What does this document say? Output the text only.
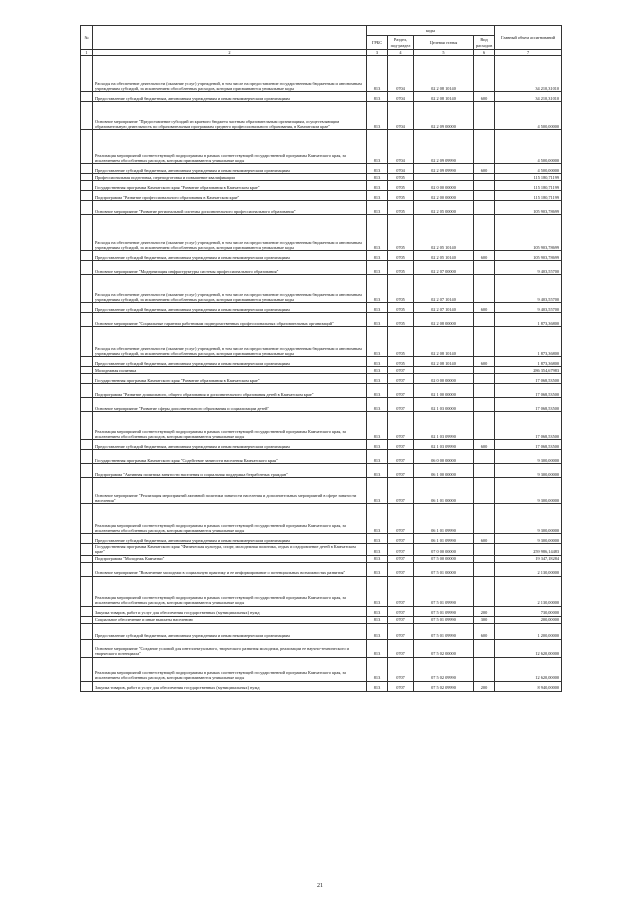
№		коды				Главный объем ассигнований
		ГРБС	Раздел, под-раздел	Целевая статья	Вид расходов	
1	2	3	4	5	6	7
	Расходы на обеспечение деятельности (оказание услуг) учреждений, в том числе на предоставление государственным бюджетным и автономным учреждениям субсидий, за исключением обособленных расходов, которым присваиваются уникальные коды	813	0704	02 2 08 10140		34 210,31010
	Предоставление субсидий бюджетным, автономным учреждениям и иным некоммерческим организациям	813	0704	02 2 08 10140	600	34 210,31010
	Основное мероприятие "Предоставление субсидий из краевого бюджета частным образовательным организациям, осуществляющим образовательную деятельность по образовательным программам среднего профессионального образования, в Камчатском крае"	813	0704	02 2 09 00000		4 500,00000
	Реализация мероприятий соответствующей подпрограммы в рамках соответствующей государственной программы Камчатского края, за исключением обособленных расходов, которым присваиваются уникальные коды	813	0704	02 2 09 09990		4 500,00000
	Предоставление субсидий бюджетным, автономным учреждениям и иным некоммерческим организациям	813	0704	02 2 09 09990	600	4 500,00000
	Профессиональная подготовка, переподготовка и повышение квалификации	813	0705			115 180,71199
	Государственная программа Камчатского края "Развитие образования в Камчатском крае"	813	0705	02 0 00 00000		115 180,71199
	Подпрограмма "Развитие профессионального образования в Камчатском крае"	813	0705	02 2 00 00000		115 180,71199
	Основное мероприятие "Развитие региональной системы дополнительного профессионального образования"	813	0705	02 2 05 00000		105 903,78699
	Расходы на обеспечение деятельности (оказание услуг) учреждений, в том числе на предоставление государственным бюджетным и автономным учреждениям субсидий, за исключением обособленных расходов, которым присваиваются уникальные коды	813	0705	02 2 05 10140		105 903,78699
	Предоставление субсидий бюджетным, автономным учреждениям и иным некоммерческим организациям	813	0705	02 2 05 10140	600	105 903,78699
	Основное мероприятие "Модернизация инфраструктуры системы профессионального образования"	813	0705	02 2 07 00000		9 403,55700
	Расходы на обеспечение деятельности (оказание услуг) учреждений, в том числе на предоставление государственным бюджетным и автономным учреждениям субсидий, за исключением обособленных расходов, которым присваиваются уникальные коды	813	0705	02 2 07 10140		9 403,55700
	Предоставление субсидий бюджетным, автономным учреждениям и иным некоммерческим организациям	813	0705	02 2 07 10140	600	9 403,55700
	Основное мероприятие "Социальные гарантии работникам подведомственных профессиональных образовательных организаций"	813	0705	02 2 08 00000		1 873,36800
	Расходы на обеспечение деятельности (оказание услуг) учреждений, в том числе на предоставление государственным бюджетным и автономным учреждениям субсидий, за исключением обособленных расходов, которым присваиваются уникальные коды	813	0705	02 2 08 10140		1 873,36800
	Предоставление субсидий бюджетным, автономным учреждениям и иным некоммерческим организациям	813	0705	02 2 08 10140	600	1 873,36800
	Молодежная политика	813	0707			286 354,67983
	Государственная программа Камчатского края "Развитие образования в Камчатском крае"	813	0707	02 0 00 00000		17 068,53500
	Подпрограмма "Развитие дошкольного, общего образования и дополнительного образования детей в Камчатском крае"	813	0707	02 1 00 00000		17 068,53500
	Основное мероприятие "Развитие сферы дополнительного образования и социализации детей"	813	0707	02 1 03 00000		17 068,53500
	Реализация мероприятий соответствующей подпрограммы в рамках соответствующей государственной программы Камчатского края, за исключением обособленных расходов, которым присваиваются уникальные коды	813	0707	02 1 03 09990		17 068,53500
	Предоставление субсидий бюджетным, автономным учреждениям и иным некоммерческим организациям	813	0707	02 1 03 09990	600	17 068,53500
	Государственная программа Камчатского края "Содействие занятости населения Камчатского края"	813	0707	06 0 00 00000		9 300,00000
	Подпрограмма "Активная политика занятости населения и социальная поддержка безработных граждан"	813	0707	06 1 00 00000		9 300,00000
	Основное мероприятие "Реализация мероприятий активной политики занятости населения и дополнительных мероприятий в сфере занятости населения"	813	0707	06 1 01 00000		9 300,00000
	Реализация мероприятий соответствующей подпрограммы в рамках соответствующей государственной программы Камчатского края, за исключением обособленных расходов, которым присваиваются уникальные коды	813	0707	06 1 01 09990		9 300,00000
	Предоставление субсидий бюджетным, автономным учреждениям и иным некоммерческим организациям	813	0707	06 1 01 09990	600	9 300,00000
	Государственная программа Камчатского края "Физическая культура, спорт, молодежная политика, отдых и оздоровление детей в Камчатском крае"	813	0707	07 0 00 00000		259 986,14483
	Подпрограмма "Молодежь Камчатки"	813	0707	07 5 00 00000		19 347,18284
	Основное мероприятие "Вовлечение молодежи в социальную практику и ее информирование о потенциальных возможностях развития"	813	0707	07 5 01 00000		2 130,00000
	Реализация мероприятий соответствующей подпрограммы в рамках соответствующей государственной программы Камчатского края, за исключением обособленных расходов, которым присваиваются уникальные коды	813	0707	07 5 01 09990		2 130,00000
	Закупка товаров, работ и услуг для обеспечения государственных (муниципальных) нужд	813	0707	07 5 01 09990	200	730,00000
	Социальное обеспечение и иные выплаты населению	813	0707	07 5 01 09990	300	200,00000
	Предоставление субсидий бюджетным, автономным учреждениям и иным некоммерческим организациям	813	0707	07 5 01 09990	600	1 200,00000
	Основное мероприятие "Создание условий для интеллектуального, творческого развития молодежи, реализации ее научно-технического и творческого потенциала"	813	0707	07 5 02 00000		12 620,00000
	Реализация мероприятий соответствующей подпрограммы в рамках соответствующей государственной программы Камчатского края, за исключением обособленных расходов, которым присваиваются уникальные коды	813	0707	07 5 02 09990		12 620,00000
	Закупка товаров, работ и услуг для обеспечения государственных (муниципальных) нужд	813	0707	07 5 02 09990	200	8 940,00000
21
